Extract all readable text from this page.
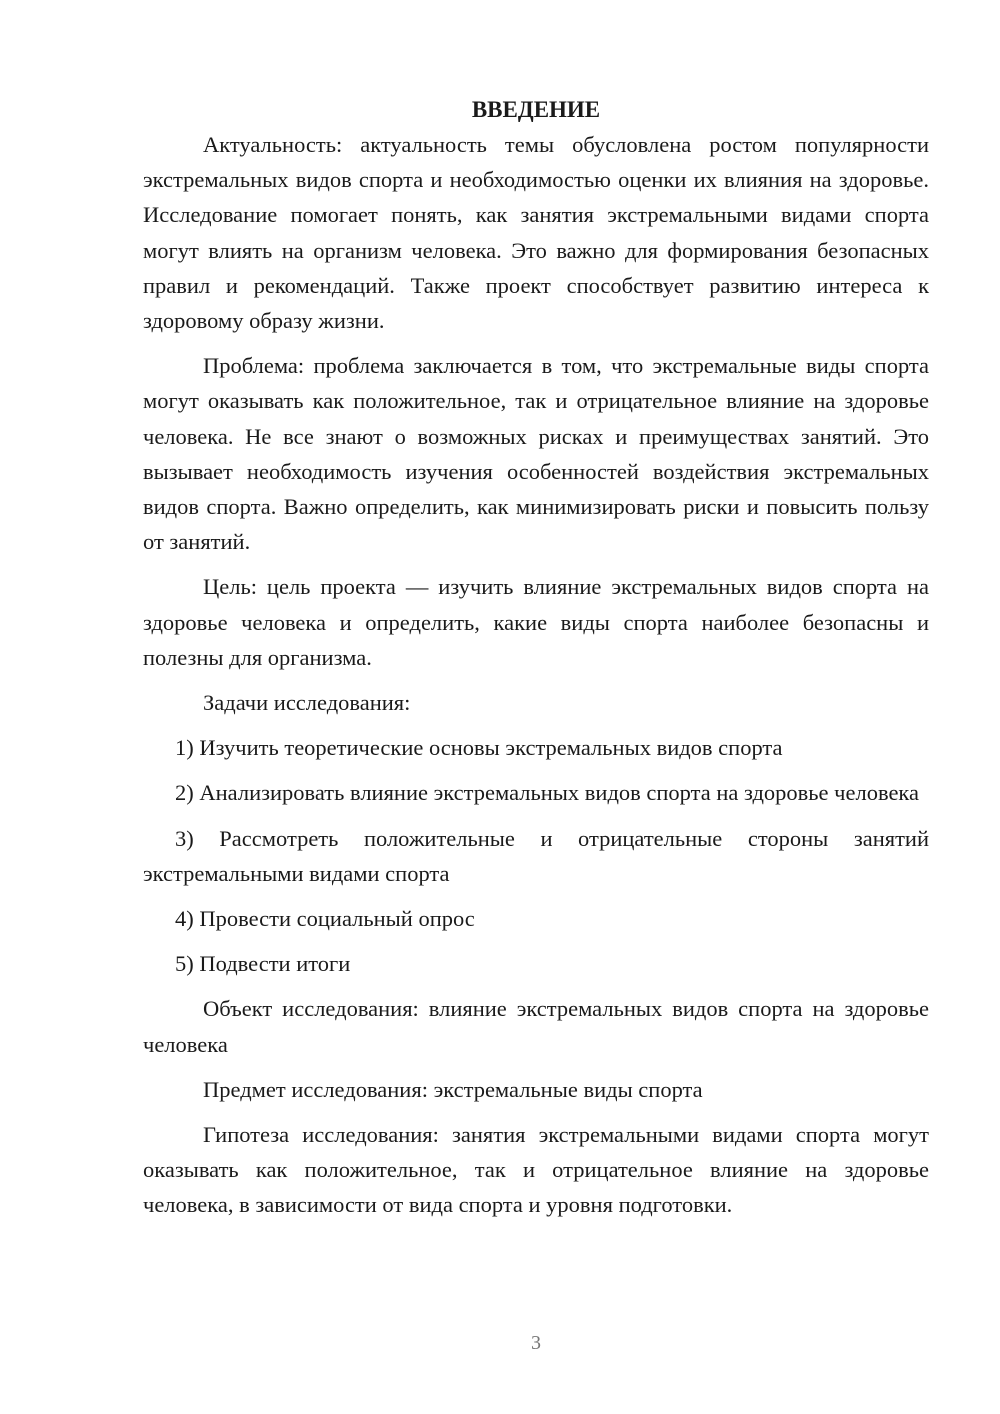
ВВЕДЕНИЕ

Актуальность: актуальность темы обусловлена ростом популярности экстремальных видов спорта и необходимостью оценки их влияния на здоровье. Исследование помогает понять, как занятия экстремальными видами спорта могут влиять на организм человека. Это важно для формирования безопасных правил и рекомендаций. Также проект способствует развитию интереса к здоровому образу жизни.

Проблема: проблема заключается в том, что экстремальные виды спорта могут оказывать как положительное, так и отрицательное влияние на здоровье человека. Не все знают о возможных рисках и преимуществах занятий. Это вызывает необходимость изучения особенностей воздействия экстремальных видов спорта. Важно определить, как минимизировать риски и повысить пользу от занятий.

Цель: цель проекта — изучить влияние экстремальных видов спорта на здоровье человека и определить, какие виды спорта наиболее безопасны и полезны для организма.

Задачи исследования:

1) Изучить теоретические основы экстремальных видов спорта

2) Анализировать влияние экстремальных видов спорта на здоровье человека

3) Рассмотреть положительные и отрицательные стороны занятий экстремальными видами спорта

4) Провести социальный опрос

5) Подвести итоги

Объект исследования: влияние экстремальных видов спорта на здоровье человека

Предмет исследования: экстремальные виды спорта

Гипотеза исследования: занятия экстремальными видами спорта могут оказывать как положительное, так и отрицательное влияние на здоровье человека, в зависимости от вида спорта и уровня подготовки.

3
